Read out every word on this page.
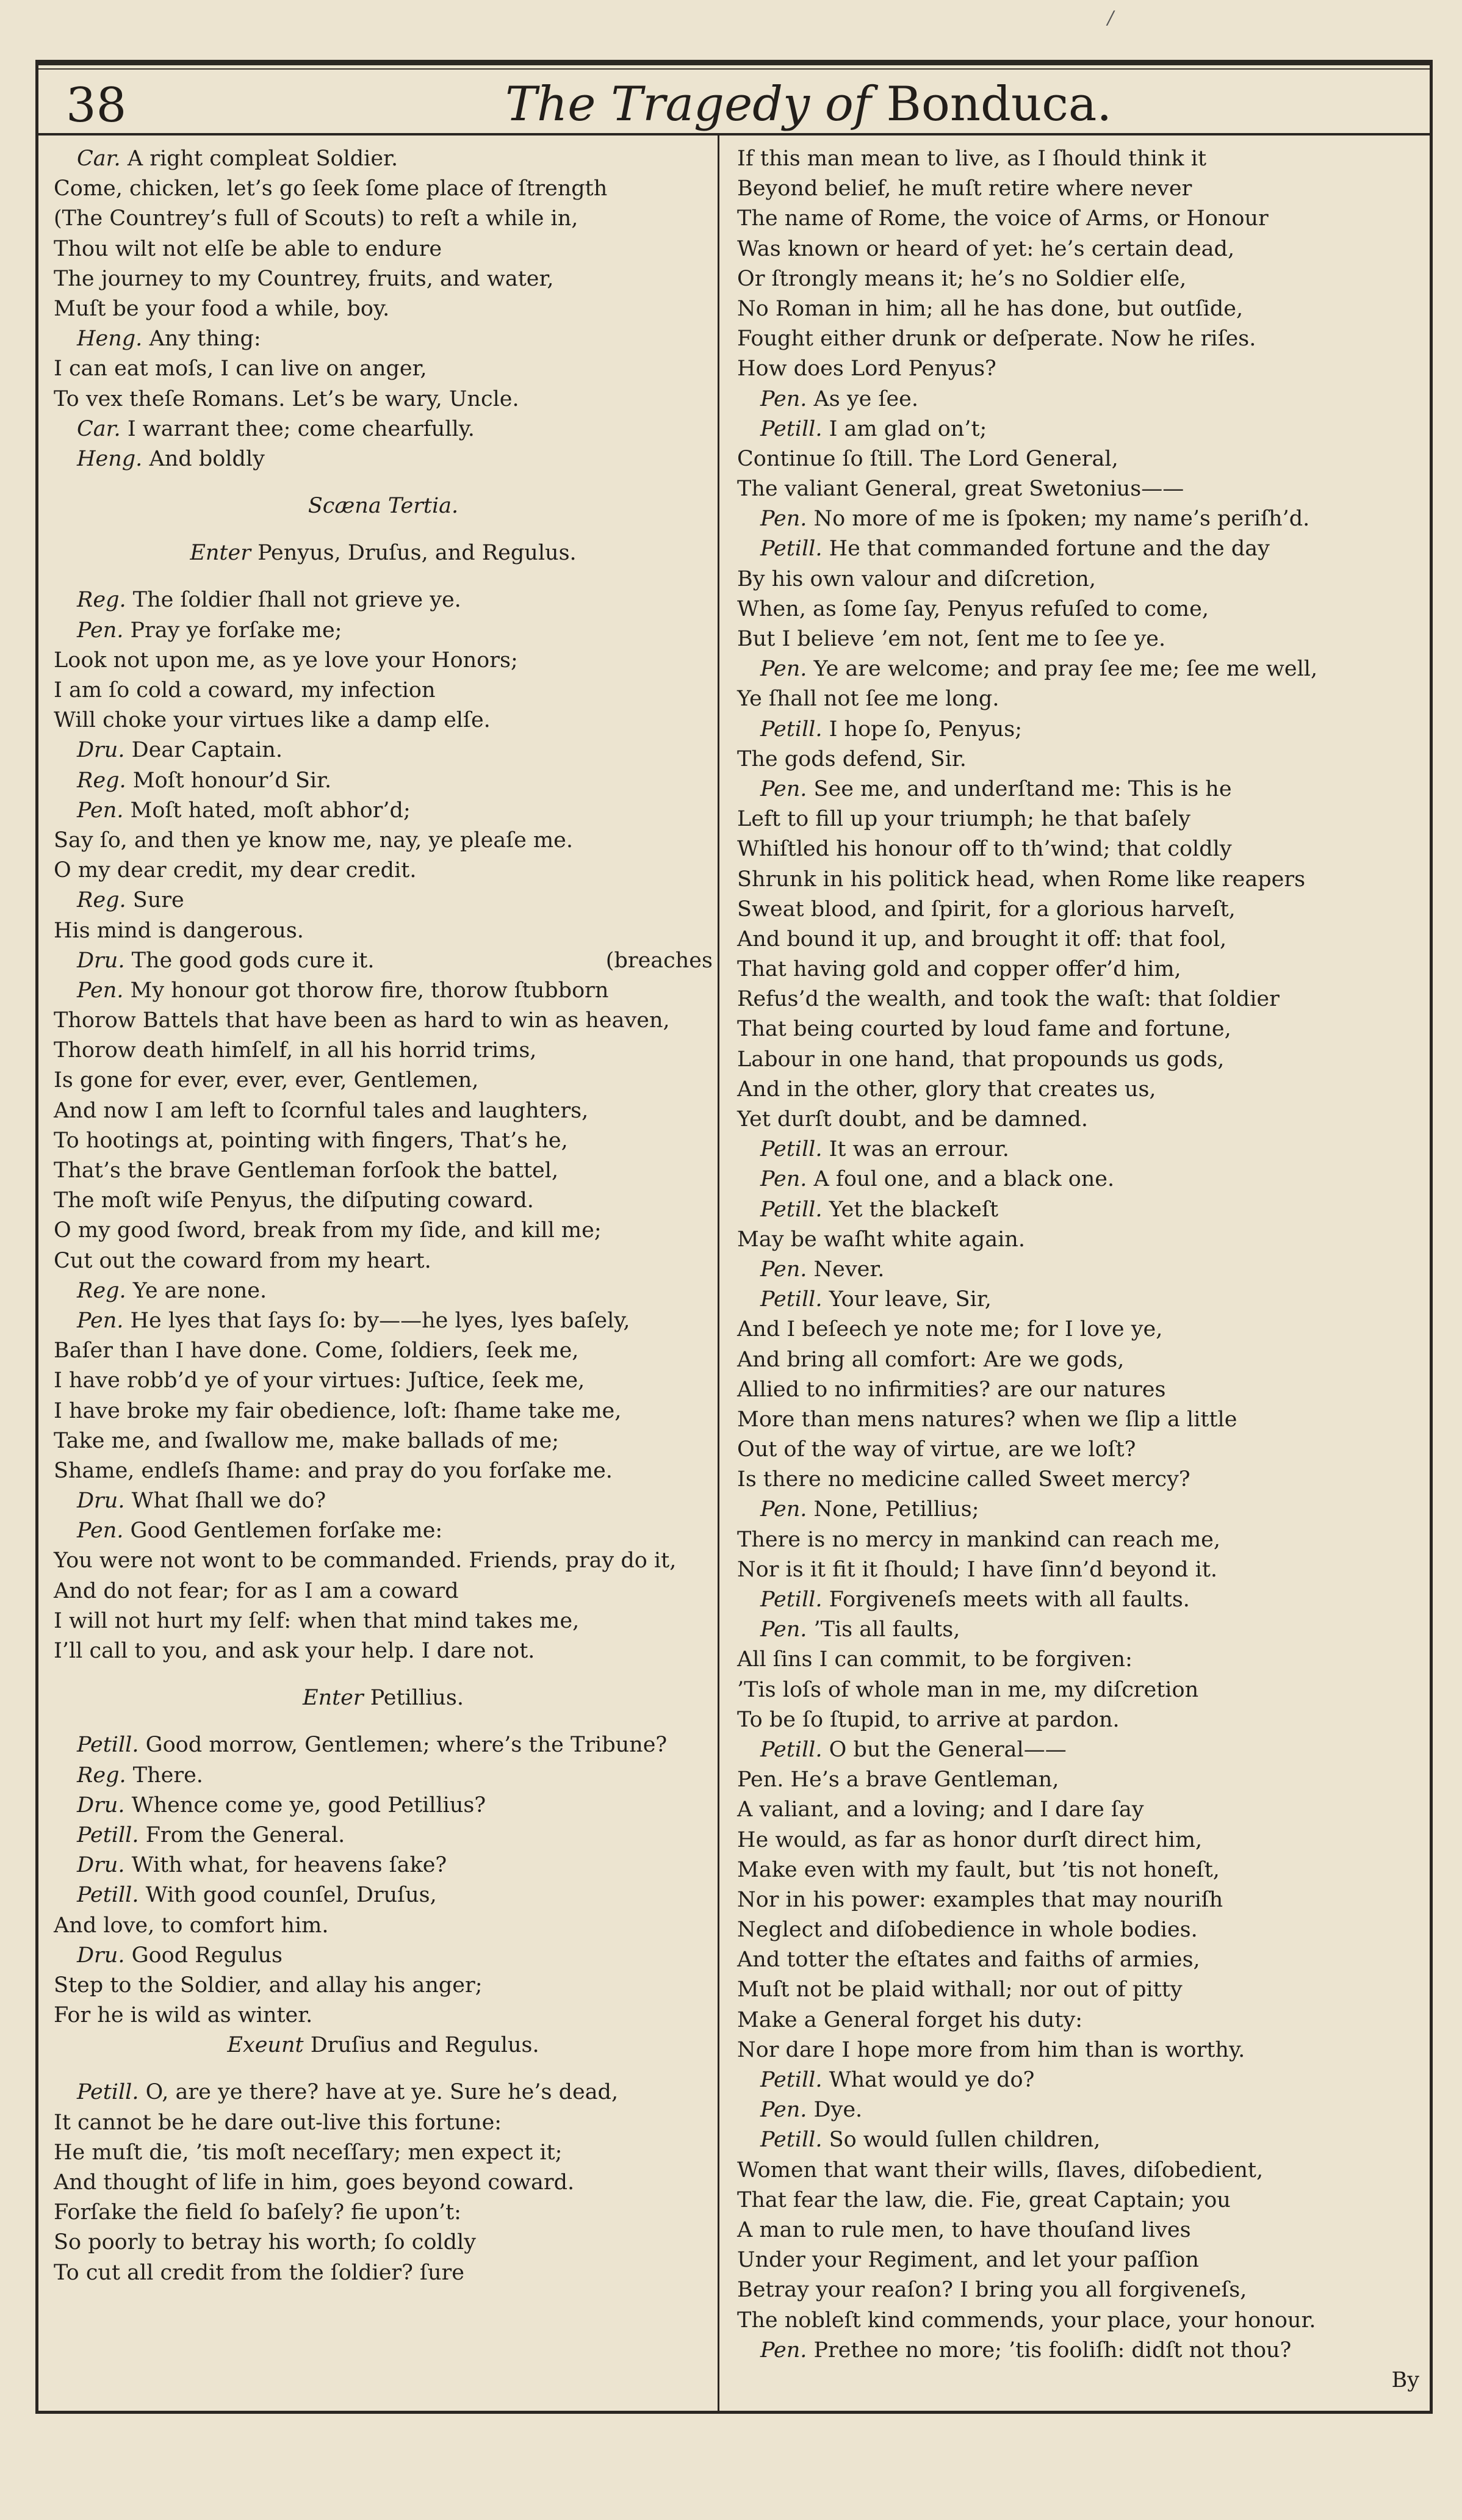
/
38	The Tragedy of Bonduca.
Car. A right compleat Soldier.
Come, chicken, let’s go ſeek ſome place of ſtrength
(The Countrey’s full of Scouts) to reſt a while in,
Thou wilt not elſe be able to endure
The journey to my Countrey, fruits, and water,
Muſt be your food a while, boy.
Heng. Any thing:
I can eat moſs, I can live on anger,
To vex theſe Romans. Let’s be wary, Uncle.
Car. I warrant thee; come chearfully.
Heng. And boldly
Scæna Tertia.
Enter Penyus, Druſus, and Regulus.
Reg. The ſoldier ſhall not grieve ye.
Pen. Pray ye forſake me;
Look not upon me, as ye love your Honors;
I am ſo cold a coward, my infection
Will choke your virtues like a damp elſe.
Dru. Dear Captain.
Reg. Moſt honour’d Sir.
Pen. Moſt hated, moſt abhor’d;
Say ſo, and then ye know me, nay, ye pleaſe me.
O my dear credit, my dear credit.
Reg. Sure
His mind is dangerous.
Dru. The good gods cure it.	(breaches
Pen. My honour got thorow fire, thorow ſtubborn
Thorow Battels that have been as hard to win as heaven,
Thorow death himſelf, in all his horrid trims,
Is gone for ever, ever, ever, Gentlemen,
And now I am left to ſcornful tales and laughters,
To hootings at, pointing with fingers, That’s he,
That’s the brave Gentleman forſook the battel,
The moſt wiſe Penyus, the diſputing coward.
O my good ſword, break from my ſide, and kill me;
Cut out the coward from my heart.
Reg. Ye are none.
Pen. He lyes that ſays ſo: by——he lyes, lyes baſely,
Baſer than I have done. Come, ſoldiers, ſeek me,
I have robb’d ye of your virtues: Juſtice, ſeek me,
I have broke my fair obedience, loſt: ſhame take me,
Take me, and ſwallow me, make ballads of me;
Shame, endleſs ſhame: and pray do you forſake me.
Dru. What ſhall we do?
Pen. Good Gentlemen forſake me:
You were not wont to be commanded. Friends, pray do it,
And do not fear; for as I am a coward
I will not hurt my ſelf: when that mind takes me,
I’ll call to you, and ask your help. I dare not.
Enter Petillius.
Petill. Good morrow, Gentlemen; where’s the Tribune?
Reg. There.
Dru. Whence come ye, good Petillius?
Petill. From the General.
Dru. With what, for heavens ſake?
Petill. With good counſel, Druſus,
And love, to comfort him.
Dru. Good Regulus
Step to the Soldier, and allay his anger;
For he is wild as winter.
Exeunt Druſius and Regulus.
Petill. O, are ye there? have at ye. Sure he’s dead,
It cannot be he dare out-live this fortune:
He muſt die, ’tis moſt neceſſary; men expect it;
And thought of life in him, goes beyond coward.
Forſake the field ſo baſely? fie upon’t:
So poorly to betray his worth; ſo coldly
To cut all credit from the ſoldier? ſure
If this man mean to live, as I ſhould think it
Beyond belief, he muſt retire where never
The name of Rome, the voice of Arms, or Honour
Was known or heard of yet: he’s certain dead,
Or ſtrongly means it; he’s no Soldier elſe,
No Roman in him; all he has done, but outſide,
Fought either drunk or deſperate. Now he riſes.
How does Lord Penyus?
Pen. As ye ſee.
Petill. I am glad on’t;
Continue ſo ſtill. The Lord General,
The valiant General, great Swetonius——
Pen. No more of me is ſpoken; my name’s periſh’d.
Petill. He that commanded fortune and the day
By his own valour and diſcretion,
When, as ſome ſay, Penyus refuſed to come,
But I believe ’em not, ſent me to ſee ye.
Pen. Ye are welcome; and pray ſee me; ſee me well,
Ye ſhall not ſee me long.
Petill. I hope ſo, Penyus;
The gods defend, Sir.
Pen. See me, and underſtand me: This is he
Left to fill up your triumph; he that baſely
Whiſtled his honour off to th’wind; that coldly
Shrunk in his politick head, when Rome like reapers
Sweat blood, and ſpirit, for a glorious harveſt,
And bound it up, and brought it off: that fool,
That having gold and copper offer’d him,
Refus’d the wealth, and took the waſt: that ſoldier
That being courted by loud fame and fortune,
Labour in one hand, that propounds us gods,
And in the other, glory that creates us,
Yet durſt doubt, and be damned.
Petill. It was an errour.
Pen. A foul one, and a black one.
Petill. Yet the blackeſt
May be waſht white again.
Pen. Never.
Petill. Your leave, Sir,
And I beſeech ye note me; for I love ye,
And bring all comfort: Are we gods,
Allied to no infirmities? are our natures
More than mens natures? when we ſlip a little
Out of the way of virtue, are we loſt?
Is there no medicine called Sweet mercy?
Pen. None, Petillius;
There is no mercy in mankind can reach me,
Nor is it fit it ſhould; I have ſinn’d beyond it.
Petill. Forgiveneſs meets with all faults.
Pen. ’Tis all faults,
All ſins I can commit, to be forgiven:
’Tis loſs of whole man in me, my diſcretion
To be ſo ſtupid, to arrive at pardon.
Petill. O but the General——
Pen. He’s a brave Gentleman,
A valiant, and a loving; and I dare ſay
He would, as far as honor durſt direct him,
Make even with my fault, but ’tis not honeſt,
Nor in his power: examples that may nouriſh
Neglect and diſobedience in whole bodies.
And totter the eſtates and faiths of armies,
Muſt not be plaid withall; nor out of pitty
Make a General forget his duty:
Nor dare I hope more from him than is worthy.
Petill. What would ye do?
Pen. Dye.
Petill. So would ſullen children,
Women that want their wills, ſlaves, diſobedient,
That fear the law, die. Fie, great Captain; you
A man to rule men, to have thouſand lives
Under your Regiment, and let your paſſion
Betray your reaſon? I bring you all forgiveneſs,
The nobleſt kind commends, your place, your honour.
Pen. Prethee no more; ’tis fooliſh: didſt not thou?
By
